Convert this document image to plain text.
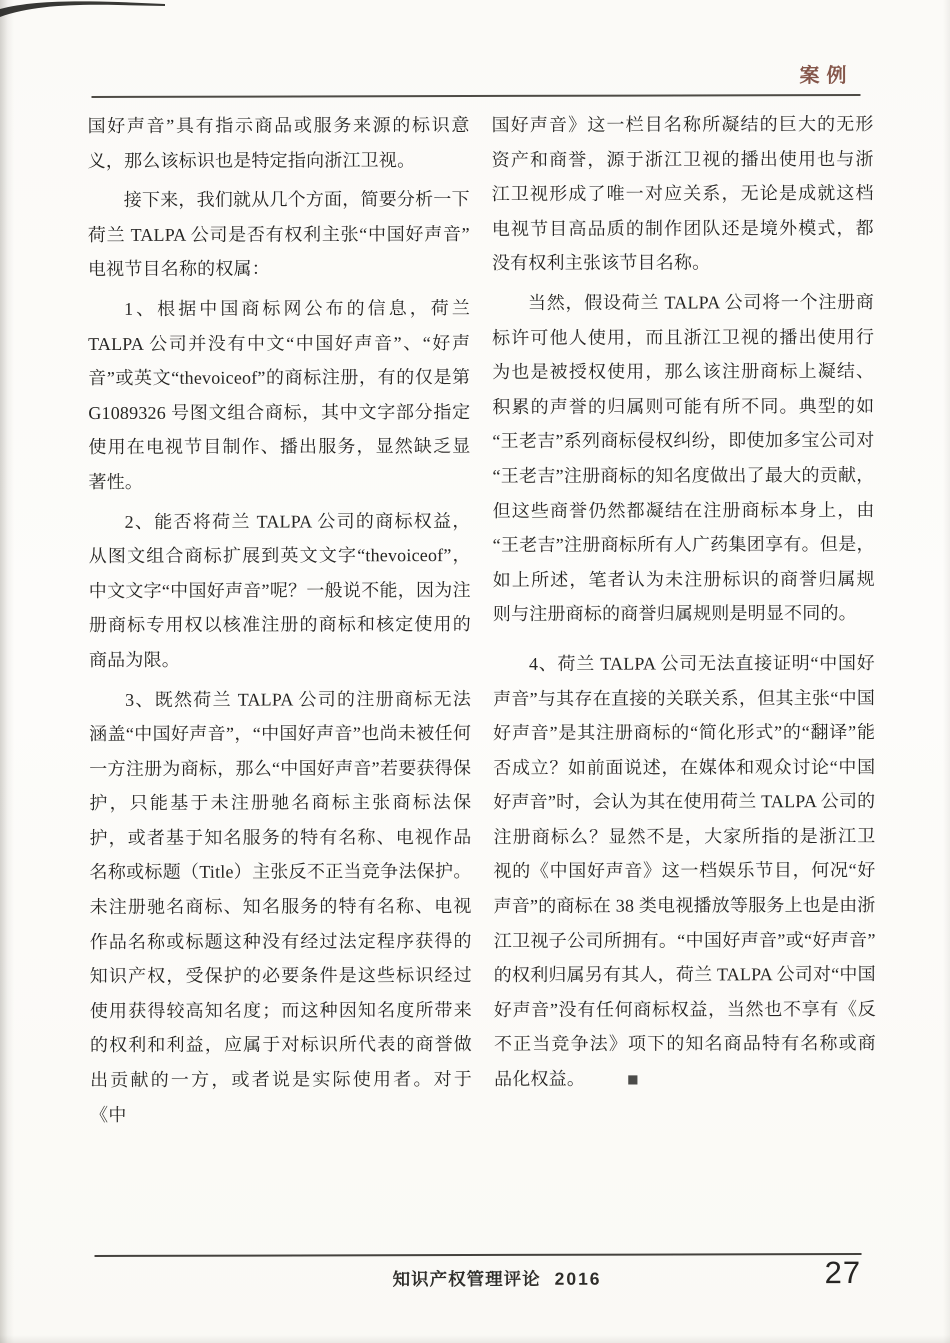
案例

国好声音”具有指示商品或服务来源的标识意义，那么该标识也是特定指向浙江卫视。

接下来，我们就从几个方面，简要分析一下荷兰 TALPA 公司是否有权利主张“中国好声音”电视节目名称的权属：

1、根据中国商标网公布的信息，荷兰 TALPA 公司并没有中文“中国好声音”、“好声音”或英文“thevoiceof”的商标注册，有的仅是第 G1089326 号图文组合商标，其中文字部分指定使用在电视节目制作、播出服务，显然缺乏显著性。

2、能否将荷兰 TALPA 公司的商标权益，从图文组合商标扩展到英文文字“thevoiceof”，中文文字“中国好声音”呢？一般说不能，因为注册商标专用权以核准注册的商标和核定使用的商品为限。

3、既然荷兰 TALPA 公司的注册商标无法涵盖“中国好声音”，“中国好声音”也尚未被任何一方注册为商标，那么“中国好声音”若要获得保护，只能基于未注册驰名商标主张商标法保护，或者基于知名服务的特有名称、电视作品名称或标题（Title）主张反不正当竞争法保护。未注册驰名商标、知名服务的特有名称、电视作品名称或标题这种没有经过法定程序获得的知识产权，受保护的必要条件是这些标识经过使用获得较高知名度；而这种因知名度所带来的权利和利益，应属于对标识所代表的商誉做出贡献的一方，或者说是实际使用者。对于《中

国好声音》这一栏目名称所凝结的巨大的无形资产和商誉，源于浙江卫视的播出使用也与浙江卫视形成了唯一对应关系，无论是成就这档电视节目高品质的制作团队还是境外模式，都没有权利主张该节目名称。

当然，假设荷兰 TALPA 公司将一个注册商标许可他人使用，而且浙江卫视的播出使用行为也是被授权使用，那么该注册商标上凝结、积累的声誉的归属则可能有所不同。典型的如“王老吉”系列商标侵权纠纷，即使加多宝公司对“王老吉”注册商标的知名度做出了最大的贡献，但这些商誉仍然都凝结在注册商标本身上，由“王老吉”注册商标所有人广药集团享有。但是，如上所述，笔者认为未注册标识的商誉归属规则与注册商标的商誉归属规则是明显不同的。

4、荷兰 TALPA 公司无法直接证明“中国好声音”与其存在直接的关联关系，但其主张“中国好声音”是其注册商标的“简化形式”的“翻译”能否成立？如前面说述，在媒体和观众讨论“中国好声音”时，会认为其在使用荷兰 TALPA 公司的注册商标么？显然不是，大家所指的是浙江卫视的《中国好声音》这一档娱乐节目，何况“好声音”的商标在 38 类电视播放等服务上也是由浙江卫视子公司所拥有。“中国好声音”或“好声音”的权利归属另有其人，荷兰 TALPA 公司对“中国好声音”没有任何商标权益，当然也不享有《反不正当竞争法》项下的知名商品特有名称或商品化权益。 ■

知识产权管理评论 2016	27
